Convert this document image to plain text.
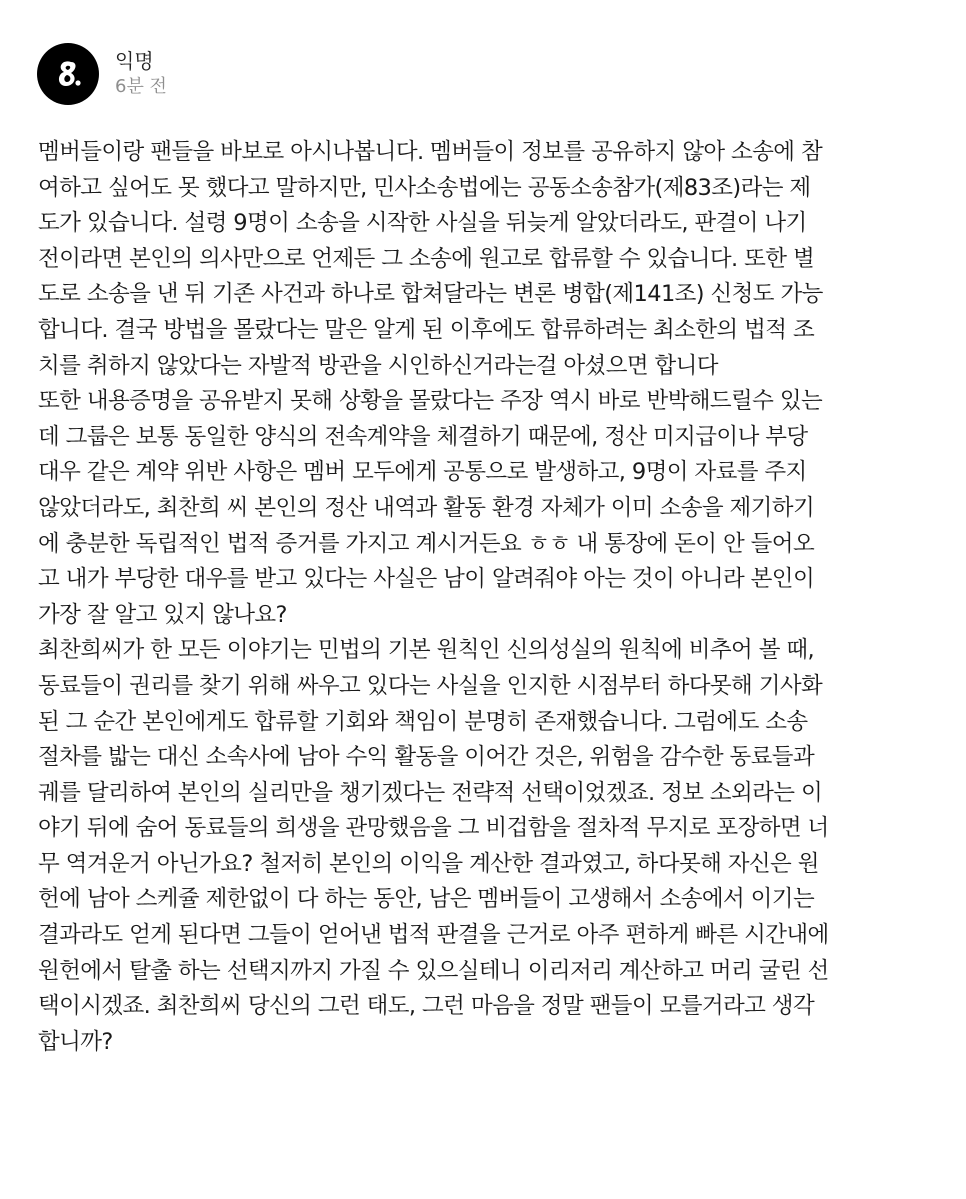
익명
6분 전
멤버들이랑 팬들을 바보로 아시나봅니다. 멤버들이 정보를 공유하지 않아 소송에 참
여하고 싶어도 못 했다고 말하지만, 민사소송법에는 공동소송참가(제83조)라는 제
도가 있습니다. 설령 9명이 소송을 시작한 사실을 뒤늦게 알았더라도, 판결이 나기
전이라면 본인의 의사만으로 언제든 그 소송에 원고로 합류할 수 있습니다. 또한 별
도로 소송을 낸 뒤 기존 사건과 하나로 합쳐달라는 변론 병합(제141조) 신청도 가능
합니다. 결국 방법을 몰랐다는 말은 알게 된 이후에도 합류하려는 최소한의 법적 조
치를 취하지 않았다는 자발적 방관을 시인하신거라는걸 아셨으면 합니다
또한 내용증명을 공유받지 못해 상황을 몰랐다는 주장 역시 바로 반박해드릴수 있는
데 그룹은 보통 동일한 양식의 전속계약을 체결하기 때문에, 정산 미지급이나 부당
대우 같은 계약 위반 사항은 멤버 모두에게 공통으로 발생하고, 9명이 자료를 주지
않았더라도, 최찬희 씨 본인의 정산 내역과 활동 환경 자체가 이미 소송을 제기하기
에 충분한 독립적인 법적 증거를 가지고 계시거든요 ㅎㅎ 내 통장에 돈이 안 들어오
고 내가 부당한 대우를 받고 있다는 사실은 남이 알려줘야 아는 것이 아니라 본인이
가장 잘 알고 있지 않나요?
최찬희씨가 한 모든 이야기는 민법의 기본 원칙인 신의성실의 원칙에 비추어 볼 때,
동료들이 권리를 찾기 위해 싸우고 있다는 사실을 인지한 시점부터 하다못해 기사화
된 그 순간 본인에게도 합류할 기회와 책임이 분명히 존재했습니다. 그럼에도 소송
절차를 밟는 대신 소속사에 남아 수익 활동을 이어간 것은, 위험을 감수한 동료들과
궤를 달리하여 본인의 실리만을 챙기겠다는 전략적 선택이었겠죠. 정보 소외라는 이
야기 뒤에 숨어 동료들의 희생을 관망했음을 그 비겁함을 절차적 무지로 포장하면 너
무 역겨운거 아닌가요? 철저히 본인의 이익을 계산한 결과였고, 하다못해 자신은 원
헌에 남아 스케쥴 제한없이 다 하는 동안, 남은 멤버들이 고생해서 소송에서 이기는
결과라도 얻게 된다면 그들이 얻어낸 법적 판결을 근거로 아주 편하게 빠른 시간내에
원헌에서 탈출 하는 선택지까지 가질 수 있으실테니 이리저리 계산하고 머리 굴린 선
택이시겠죠. 최찬희씨 당신의 그런 태도, 그런 마음을 정말 팬들이 모를거라고 생각
합니까?
